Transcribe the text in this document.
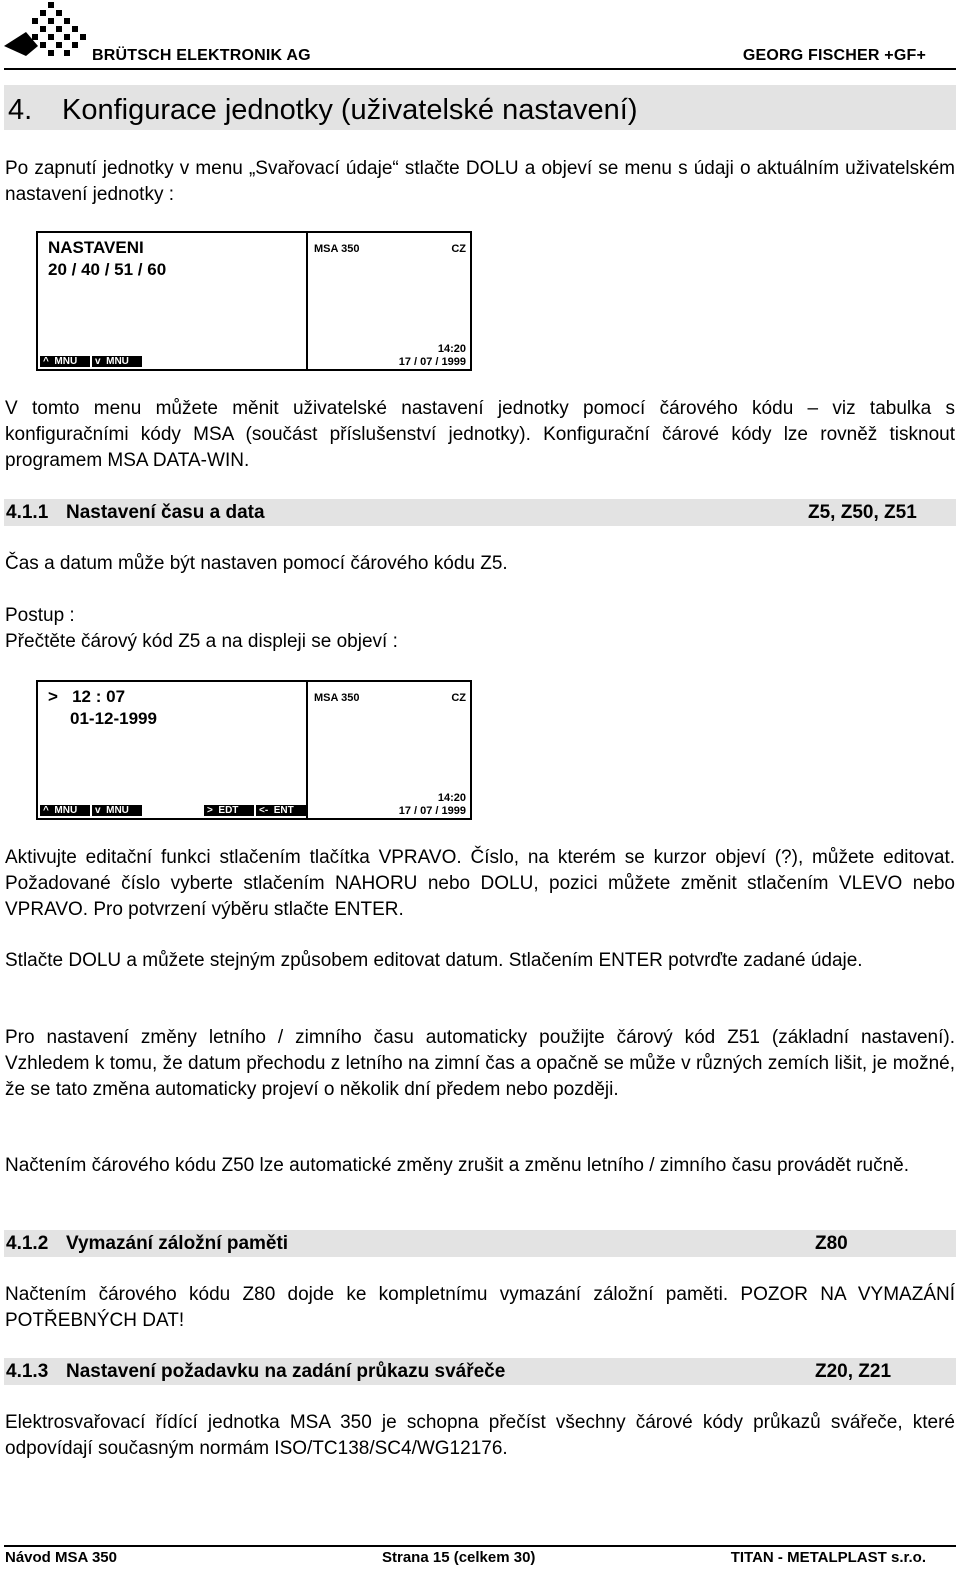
BRÜTSCH ELEKTRONIK AG	GEORG FISCHER +GF+
4. Konfigurace jednotky (uživatelské nastavení)

Po zapnutí jednotky v menu „Svařovací údaje“ stlačte DOLU a objeví se menu s údaji o aktuálním uživatelském nastavení jednotky :

NASTAVENI
20 / 40 / 51 / 60
MSA 350	CZ
14:20
17 / 07 / 1999
^  MNU	v  MNU

V tomto menu můžete měnit uživatelské nastavení jednotky pomocí čárového kódu – viz tabulka s konfiguračními kódy MSA (součást příslušenství jednotky). Konfigurační čárové kódy lze rovněž tisknout programem MSA DATA-WIN.

4.1.1 Nastavení času a data	Z5, Z50, Z51

Čas a datum může být nastaven pomocí čárového kódu Z5.

Postup :

Přečtěte čárový kód Z5 a na displeji se objeví :

>   12 : 07
01-12-1999
MSA 350	CZ
14:20
17 / 07 / 1999
^  MNU	v  MNU	>  EDT	<-  ENT

Aktivujte editační funkci stlačením tlačítka VPRAVO. Číslo, na kterém se kurzor objeví (?), můžete editovat. Požadované číslo vyberte stlačením NAHORU nebo DOLU, pozici můžete změnit stlačením VLEVO nebo VPRAVO. Pro potvrzení výběru stlačte ENTER.

Stlačte DOLU a můžete stejným způsobem editovat datum. Stlačením ENTER potvrďte zadané údaje.

Pro nastavení změny letního / zimního času automaticky použijte čárový kód Z51 (základní nastavení). Vzhledem k tomu, že datum přechodu z letního na zimní čas a opačně se může v různých zemích lišit, je možné, že se tato změna automaticky projeví o několik dní předem nebo později.

Načtením čárového kódu Z50 lze automatické změny zrušit a změnu letního / zimního času provádět ručně.

4.1.2 Vymazání záložní paměti	Z80

Načtením čárového kódu Z80 dojde ke kompletnímu vymazání záložní paměti. POZOR NA VYMAZÁNÍ POTŘEBNÝCH DAT!

4.1.3 Nastavení požadavku na zadání průkazu svářeče	Z20, Z21

Elektrosvařovací řídící jednotka MSA 350 je schopna přečíst všechny čárové kódy průkazů svářeče, které odpovídají současným normám ISO/TC138/SC4/WG12176.

Návod MSA 350	Strana 15 (celkem 30)	TITAN - METALPLAST s.r.o.
